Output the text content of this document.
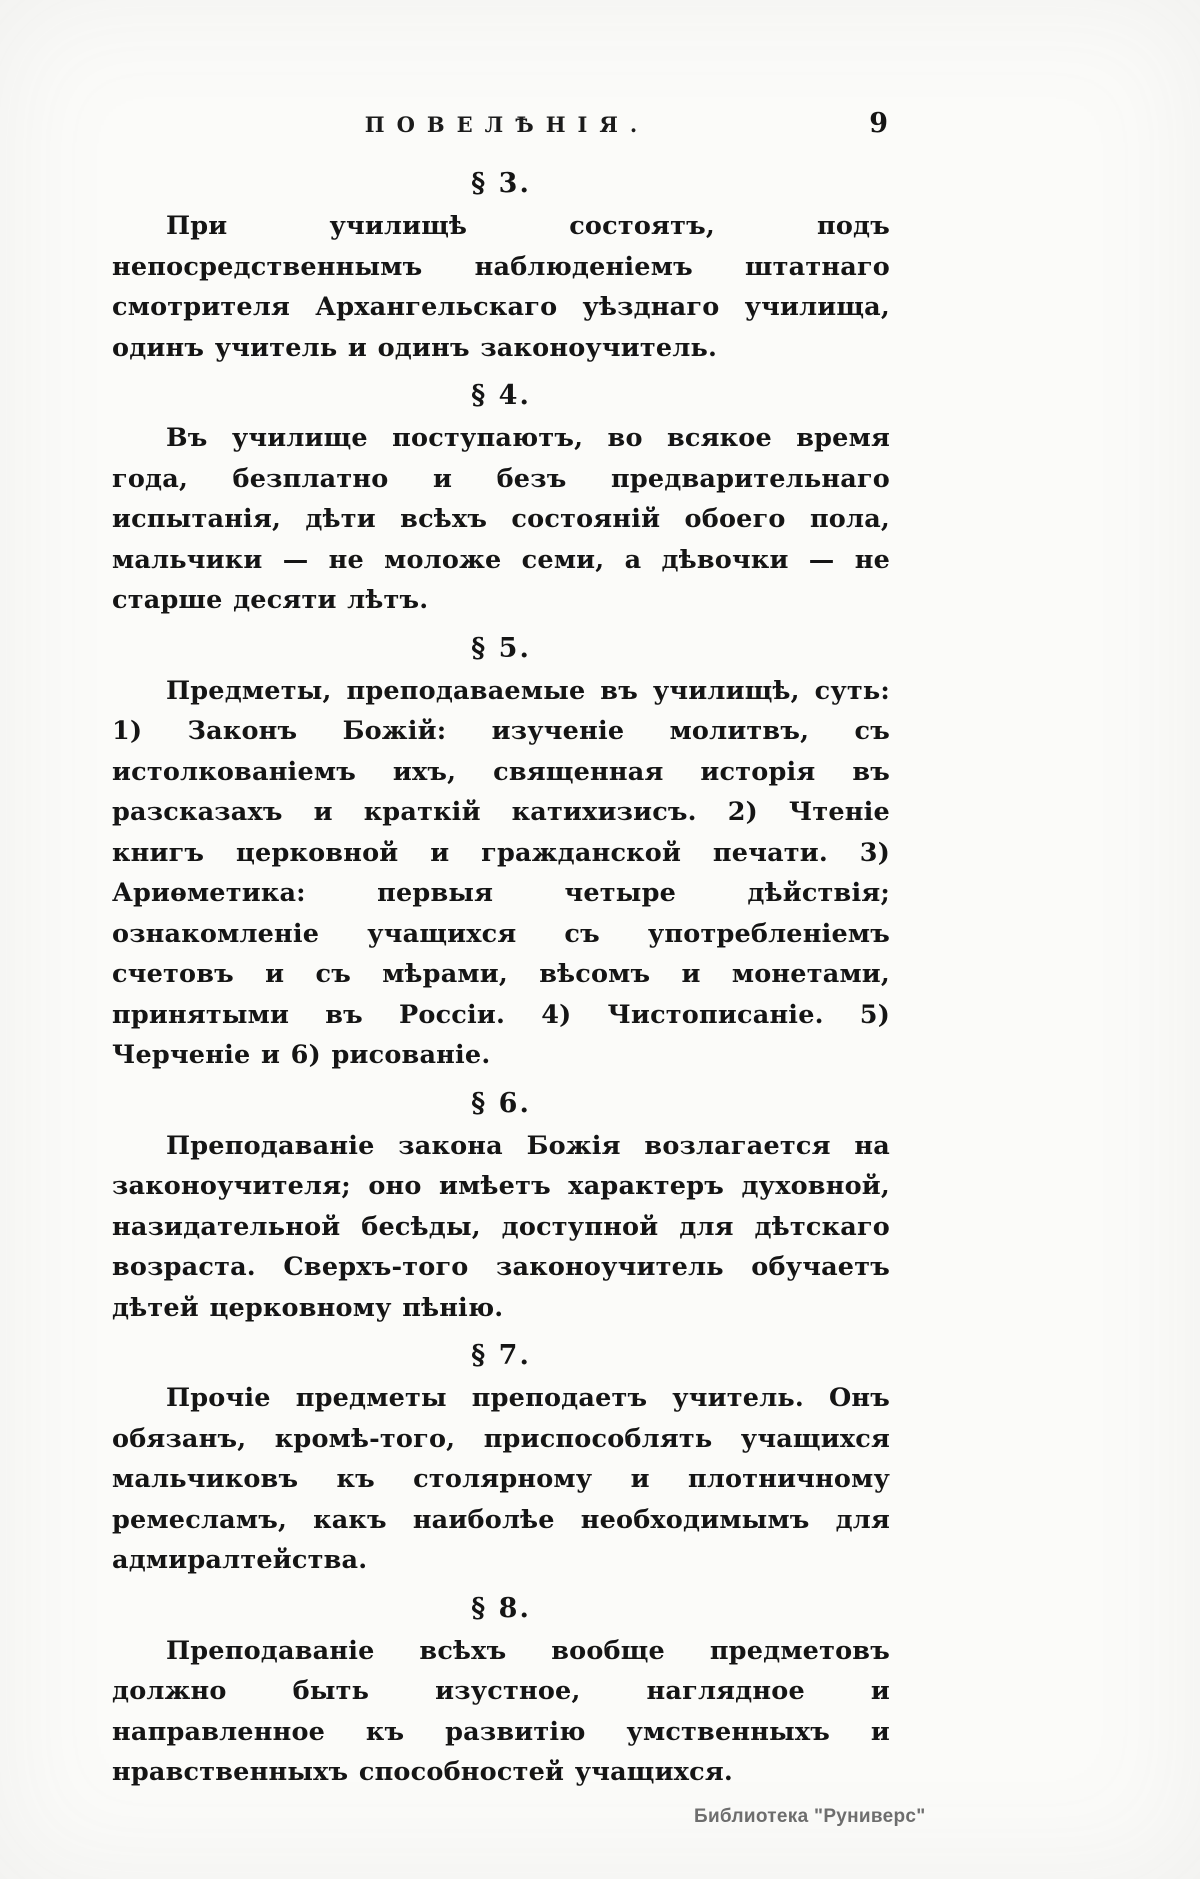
ПОВЕЛѢНІЯ.	9
§ 3.

При училищѣ состоятъ, подъ непосредственнымъ наблюденіемъ штатнаго смотрителя Архангельскаго уѣзднаго училища, одинъ учитель и одинъ законоучитель.

§ 4.

Въ училище поступаютъ, во всякое время года, безплатно и безъ предварительнаго испытанія, дѣти всѣхъ состояній обоего пола, мальчики — не моложе семи, а дѣвочки — не старше десяти лѣтъ.

§ 5.

Предметы, преподаваемые въ училищѣ, суть: 1) Законъ Божій: изученіе молитвъ, съ истолкованіемъ ихъ, священная исторія въ разсказахъ и краткій катихизисъ. 2) Чтеніе книгъ церковной и гражданской печати. 3) Ариѳметика: первыя четыре дѣйствія; ознакомленіе учащихся съ употребленіемъ счетовъ и съ мѣрами, вѣсомъ и монетами, принятыми въ Россіи. 4) Чистописаніе. 5) Черченіе и 6) рисованіе.

§ 6.

Преподаваніе закона Божія возлагается на законоучителя; оно имѣетъ характеръ духовной, назидательной бесѣды, доступной для дѣтскаго возраста. Сверхъ-того законоучитель обучаетъ дѣтей церковному пѣнію.

§ 7.

Прочіе предметы преподаетъ учитель. Онъ обязанъ, кромѣ-того, приспособлять учащихся мальчиковъ къ столярному и плотничному ремесламъ, какъ наиболѣе необходимымъ для адмиралтейства.

§ 8.

Преподаваніе всѣхъ вообще предметовъ должно быть изустное, наглядное и направленное къ развитію умственныхъ и нравственныхъ способностей учащихся.

Библиотека "Руниверс"
